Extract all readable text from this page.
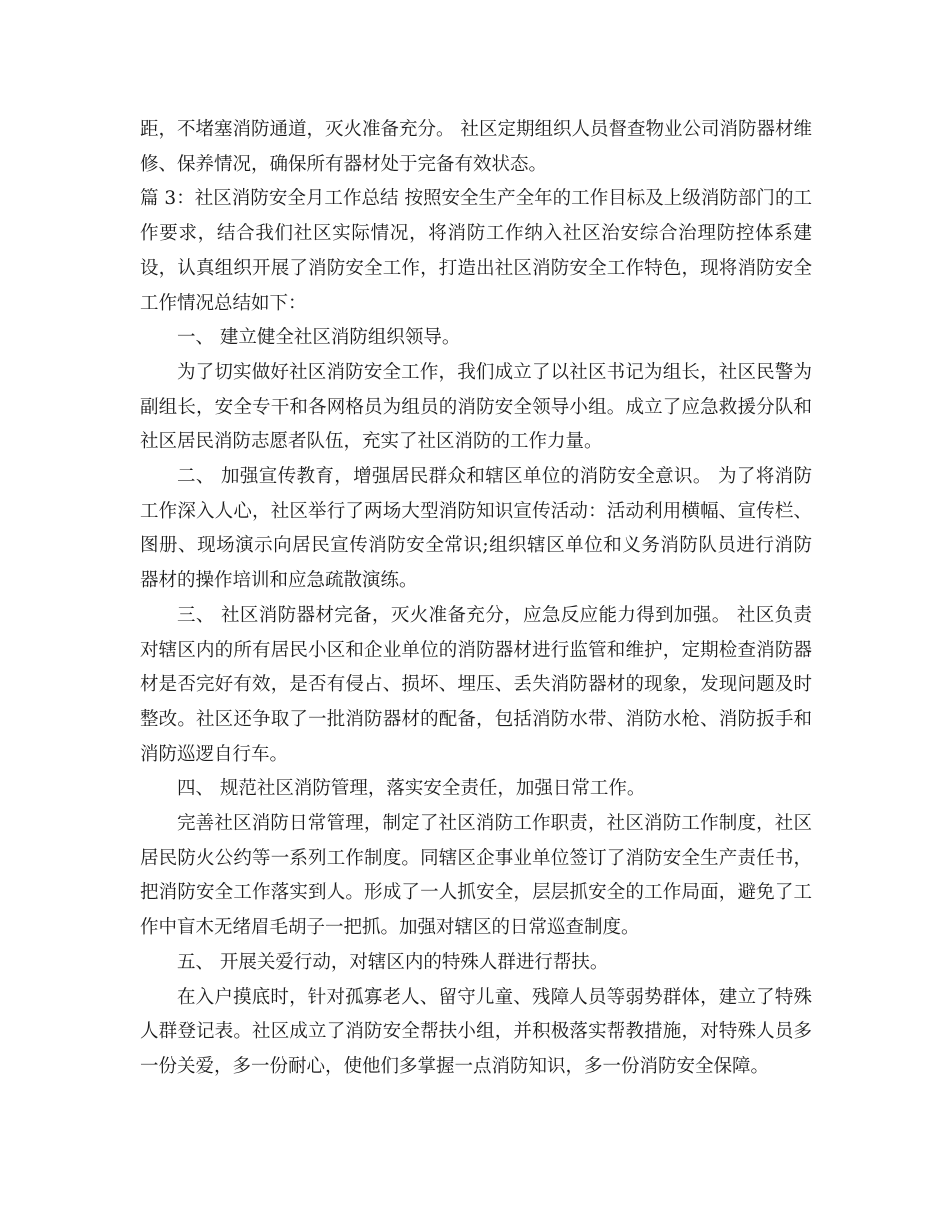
距，不堵塞消防通道，灭火准备充分。 社区定期组织人员督查物业公司消防器材维修、保养情况，确保所有器材处于完备有效状态。

篇 3：社区消防安全月工作总结 按照安全生产全年的工作目标及上级消防部门的工作要求，结合我们社区实际情况，将消防工作纳入社区治安综合治理防控体系建设，认真组织开展了消防安全工作，打造出社区消防安全工作特色，现将消防安全工作情况总结如下：

一、 建立健全社区消防组织领导。

为了切实做好社区消防安全工作，我们成立了以社区书记为组长，社区民警为副组长，安全专干和各网格员为组员的消防安全领导小组。成立了应急救援分队和社区居民消防志愿者队伍，充实了社区消防的工作力量。

二、 加强宣传教育，增强居民群众和辖区单位的消防安全意识。 为了将消防工作深入人心，社区举行了两场大型消防知识宣传活动：活动利用横幅、宣传栏、图册、现场演示向居民宣传消防安全常识;组织辖区单位和义务消防队员进行消防器材的操作培训和应急疏散演练。

三、 社区消防器材完备，灭火准备充分，应急反应能力得到加强。 社区负责对辖区内的所有居民小区和企业单位的消防器材进行监管和维护，定期检查消防器材是否完好有效，是否有侵占、损坏、埋压、丢失消防器材的现象，发现问题及时整改。社区还争取了一批消防器材的配备，包括消防水带、消防水枪、消防扳手和消防巡逻自行车。

四、 规范社区消防管理，落实安全责任，加强日常工作。

完善社区消防日常管理，制定了社区消防工作职责，社区消防工作制度，社区居民防火公约等一系列工作制度。同辖区企事业单位签订了消防安全生产责任书，把消防安全工作落实到人。形成了一人抓安全，层层抓安全的工作局面，避免了工作中盲木无绪眉毛胡子一把抓。加强对辖区的日常巡查制度。

五、 开展关爱行动，对辖区内的特殊人群进行帮扶。

在入户摸底时，针对孤寡老人、留守儿童、残障人员等弱势群体，建立了特殊人群登记表。社区成立了消防安全帮扶小组，并积极落实帮教措施，对特殊人员多一份关爱，多一份耐心，使他们多掌握一点消防知识，多一份消防安全保障。
